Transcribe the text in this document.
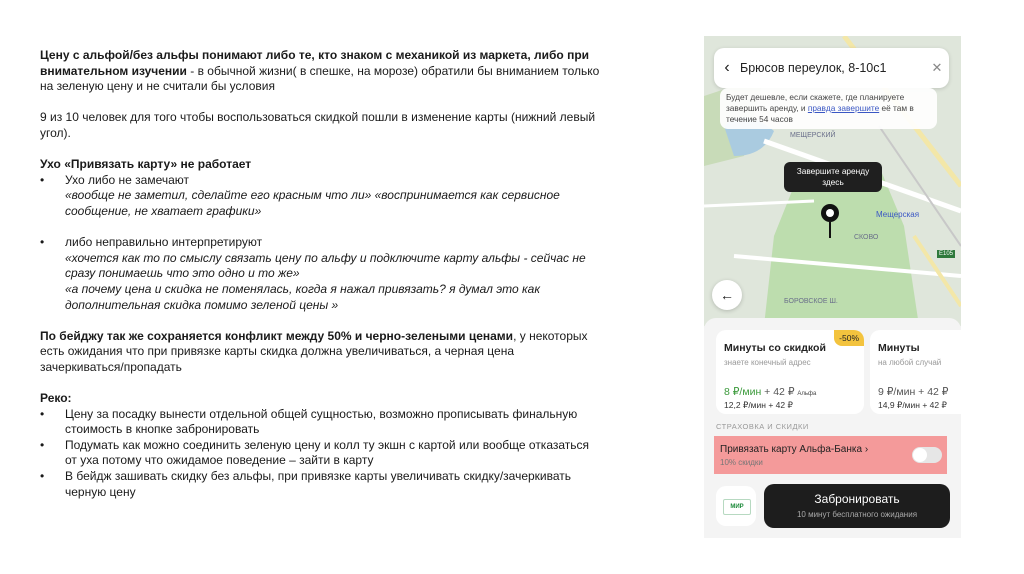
Цену с альфой/без альфы понимают либо те, кто знаком с механикой из маркета, либо при внимательном изучении - в обычной жизни( в спешке, на морозе) обратили бы вниманием только на зеленую цену и не считали бы условия

9 из 10 человек для того чтобы воспользоваться скидкой пошли в изменение карты (нижний левый угол).

Ухо «Привязать карту» не работает

• Ухо либо не замечают

«вообще не заметил, сделайте его красным что ли» «воспринимается как сервисное сообщение, не хватает графики»

• либо неправильно интерпретируют

«хочется как то по смыслу связать цену по альфу и подключите карту альфы - сейчас не сразу понимаешь что это одно и то же»

«а почему цена и скидка не поменялась, когда я нажал привязать? я думал это как дополнительная скидка помимо зеленой цены »

По бейджу так же сохраняется конфликт между 50% и черно-зелеными ценами, у некоторых есть ожидания что при привязке карты скидка должна увеличиваться, а черная цена зачеркиваться/пропадать

Реко:

• Цену за посадку вынести отдельной общей сущностью, возможно прописывать финальную стоимость в кнопке забронировать

• Подумать как можно соединить зеленую цену и колл ту экшн с картой или вообще отказаться от уха потому что ожидамое поведение – зайти в карту

• В бейдж зашивать скидку без альфы, при привязке карты увеличивать скидку/зачеркивать черную цену

‹ Брюсов переулок, 8-10с1	✕
Будет дешевле, если скажете, где планируете завершить аренду, и правда завершите её там в течение 54 часов
МЕЩЕРСКИЙ
Завершите аренду здесь
Мещерская
СКОВО
БОРОВСКОЕ Ш.
E105
←
Минуты со скидкой
знаете конечный адрес
-50%
8 ₽/мин + 42 ₽ Альфа
12,2 ₽/мин + 42 ₽
Минуты
на любой случай
9 ₽/мин + 42 ₽
14,9 ₽/мин + 42 ₽
СТРАХОВКА И СКИДКИ
Привязать карту Альфа-Банка ›
10% скидки
МИР
Забронировать
10 минут бесплатного ожидания
